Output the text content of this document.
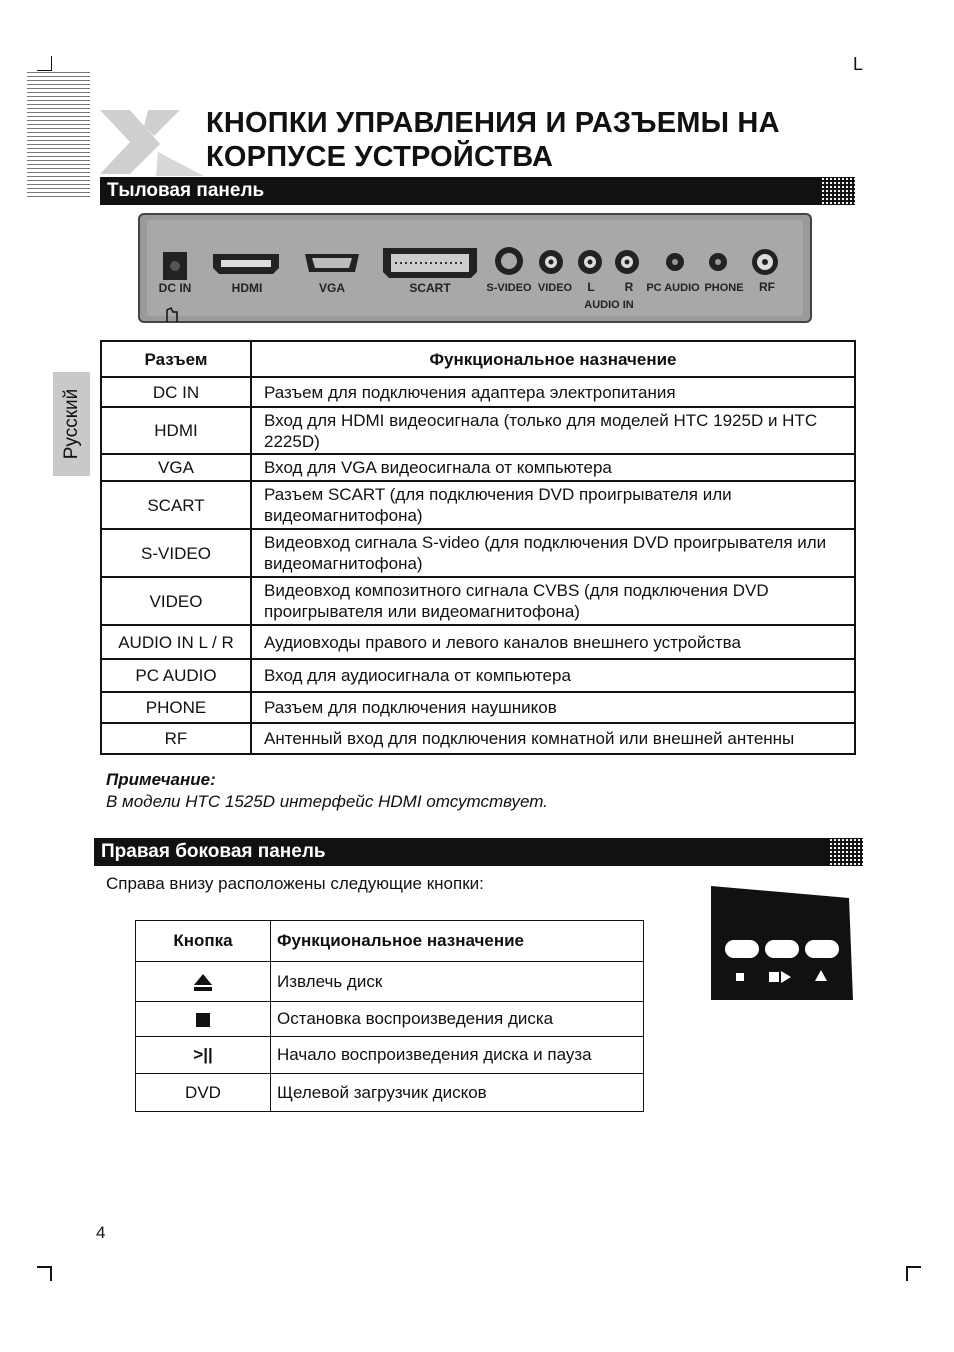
L
КНОПКИ УПРАВЛЕНИЯ И РАЗЪЕМЫ НА
КОРПУСЕ УСТРОЙСТВА
Тыловая панель
Русский
DC IN	HDMI	VGA	SCART	S-VIDEO VIDEO L R PC AUDIO PHONE RF
AUDIO IN
Разъем	Функциональное назначение
DC IN	Разъем для подключения адаптера электропитания
HDMI	Вход для HDMI видеосигнала (только для моделей HTC 1925D и HTC 2225D)
VGA	Вход для VGA видеосигнала от компьютера
SCART	Разъем SCART (для подключения DVD проигрывателя или видеомагнитофона)
S-VIDEO	Видеовход сигнала S-video (для подключения DVD проигрывателя или видеомагнитофона)
VIDEO	Видеовход композитного сигнала CVBS (для подключения DVD проигрывателя или видеомагнитофона)
AUDIO IN L / R	Аудиовходы правого и левого каналов внешнего устройства
PC AUDIO	Вход для аудиосигнала от компьютера
PHONE	Разъем для подключения наушников
RF	Антенный вход для подключения комнатной или внешней антенны
Примечание:
В модели HTC 1525D интерфейс HDMI отсутствует.
Правая боковая панель
Справа внизу расположены следующие кнопки:
Кнопка	Функциональное назначение
	Извлечь диск
	Остановка воспроизведения диска
>||	Начало воспроизведения диска и пауза
DVD	Щелевой загрузчик дисков
4
